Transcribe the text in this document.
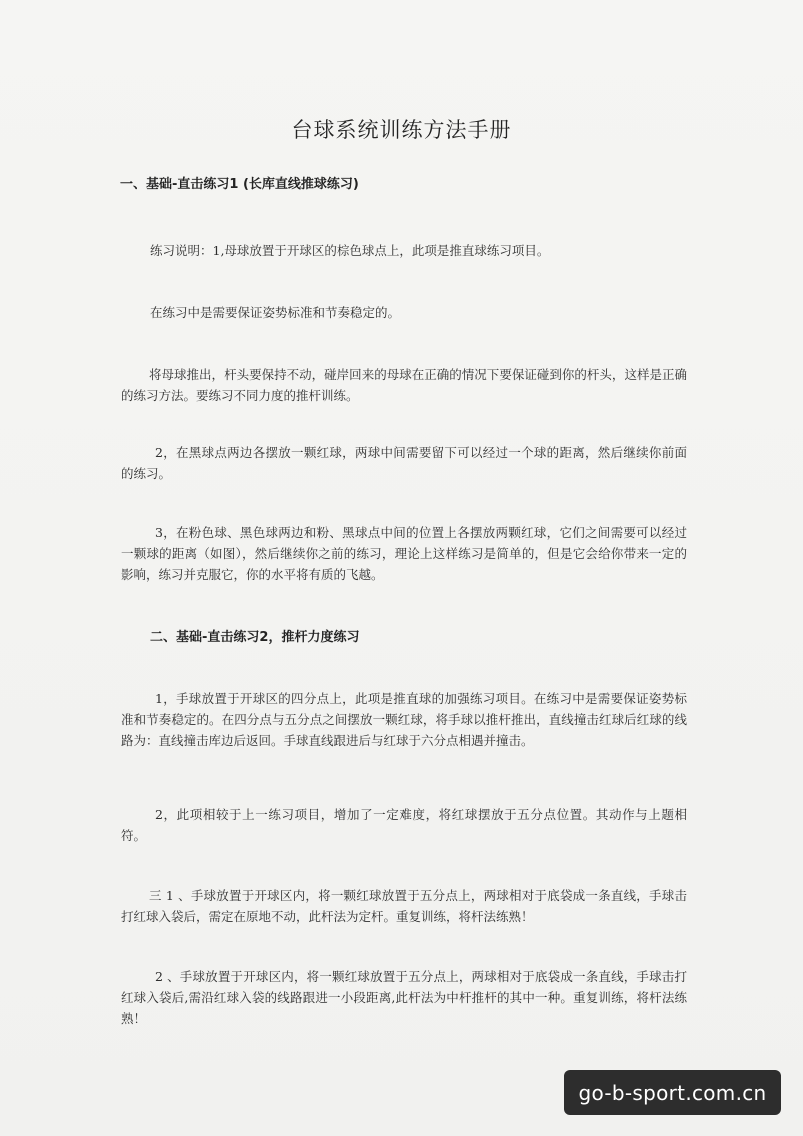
台球系统训练方法手册
一、基础-直击练习1 (长库直线推球练习)
练习说明：1,母球放置于开球区的棕色球点上，此项是推直球练习项目。
在练习中是需要保证姿势标准和节奏稳定的。
将母球推出，杆头要保持不动，碰岸回来的母球在正确的情况下要保证碰到你的杆头，这样是正确的练习方法。要练习不同力度的推杆训练。
2，在黑球点两边各摆放一颗红球，两球中间需要留下可以经过一个球的距离，然后继续你前面的练习。
3，在粉色球、黑色球两边和粉、黑球点中间的位置上各摆放两颗红球，它们之间需要可以经过一颗球的距离（如图），然后继续你之前的练习，理论上这样练习是简单的，但是它会给你带来一定的影响，练习并克服它，你的水平将有质的飞越。
二、基础-直击练习2，推杆力度练习
1，手球放置于开球区的四分点上，此项是推直球的加强练习项目。在练习中是需要保证姿势标准和节奏稳定的。在四分点与五分点之间摆放一颗红球，将手球以推杆推出，直线撞击红球后红球的线路为：直线撞击库边后返回。手球直线跟进后与红球于六分点相遇并撞击。
2，此项相较于上一练习项目，增加了一定难度，将红球摆放于五分点位置。其动作与上题相符。
三 1 、手球放置于开球区内，将一颗红球放置于五分点上，两球相对于底袋成一条直线，手球击打红球入袋后，需定在原地不动，此杆法为定杆。重复训练，将杆法练熟！
2 、手球放置于开球区内，将一颗红球放置于五分点上，两球相对于底袋成一条直线，手球击打红球入袋后,需沿红球入袋的线路跟进一小段距离,此杆法为中杆推杆的其中一种。重复训练，将杆法练熟！
go-b-sport.com.cn
